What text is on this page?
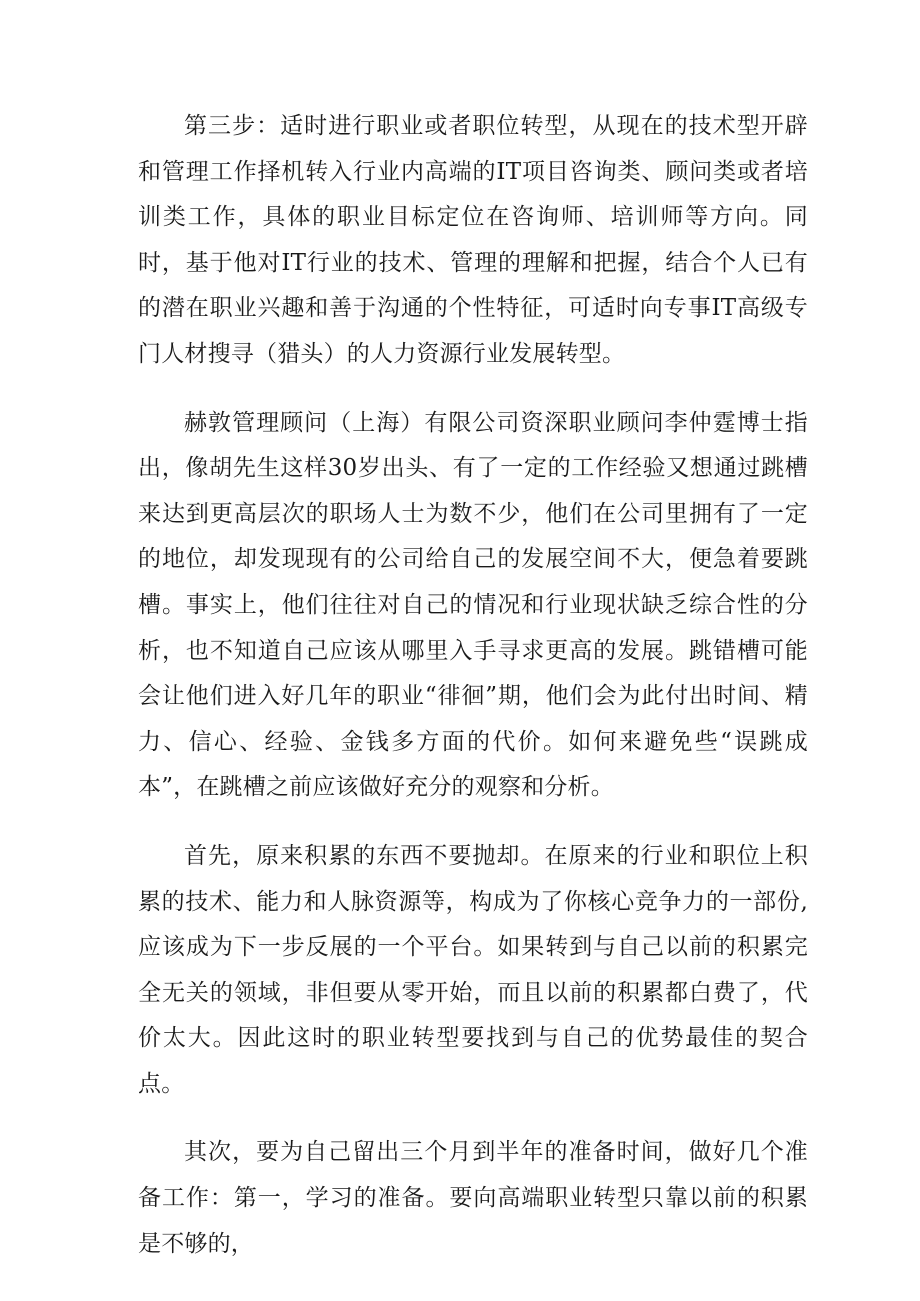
第三步：适时进行职业或者职位转型，从现在的技术型开辟和管理工作择机转入行业内高端的IT项目咨询类、顾问类或者培训类工作，具体的职业目标定位在咨询师、培训师等方向。同时，基于他对IT行业的技术、管理的理解和把握，结合个人已有的潜在职业兴趣和善于沟通的个性特征，可适时向专事IT高级专门人材搜寻（猎头）的人力资源行业发展转型。

赫敦管理顾问（上海）有限公司资深职业顾问李仲霆博士指出，像胡先生这样30岁出头、有了一定的工作经验又想通过跳槽来达到更高层次的职场人士为数不少，他们在公司里拥有了一定的地位，却发现现有的公司给自己的发展空间不大，便急着要跳槽。事实上，他们往往对自己的情况和行业现状缺乏综合性的分析，也不知道自己应该从哪里入手寻求更高的发展。跳错槽可能会让他们进入好几年的职业“徘徊”期，他们会为此付出时间、精力、信心、经验、金钱多方面的代价。如何来避免些“误跳成本”，在跳槽之前应该做好充分的观察和分析。

首先，原来积累的东西不要抛却。在原来的行业和职位上积累的技术、能力和人脉资源等，构成为了你核心竞争力的一部份,应该成为下一步反展的一个平台。如果转到与自己以前的积累完全无关的领域，非但要从零开始，而且以前的积累都白费了，代价太大。因此这时的职业转型要找到与自己的优势最佳的契合点。

其次，要为自己留出三个月到半年的准备时间，做好几个准备工作：第一，学习的准备。要向高端职业转型只靠以前的积累是不够的，
